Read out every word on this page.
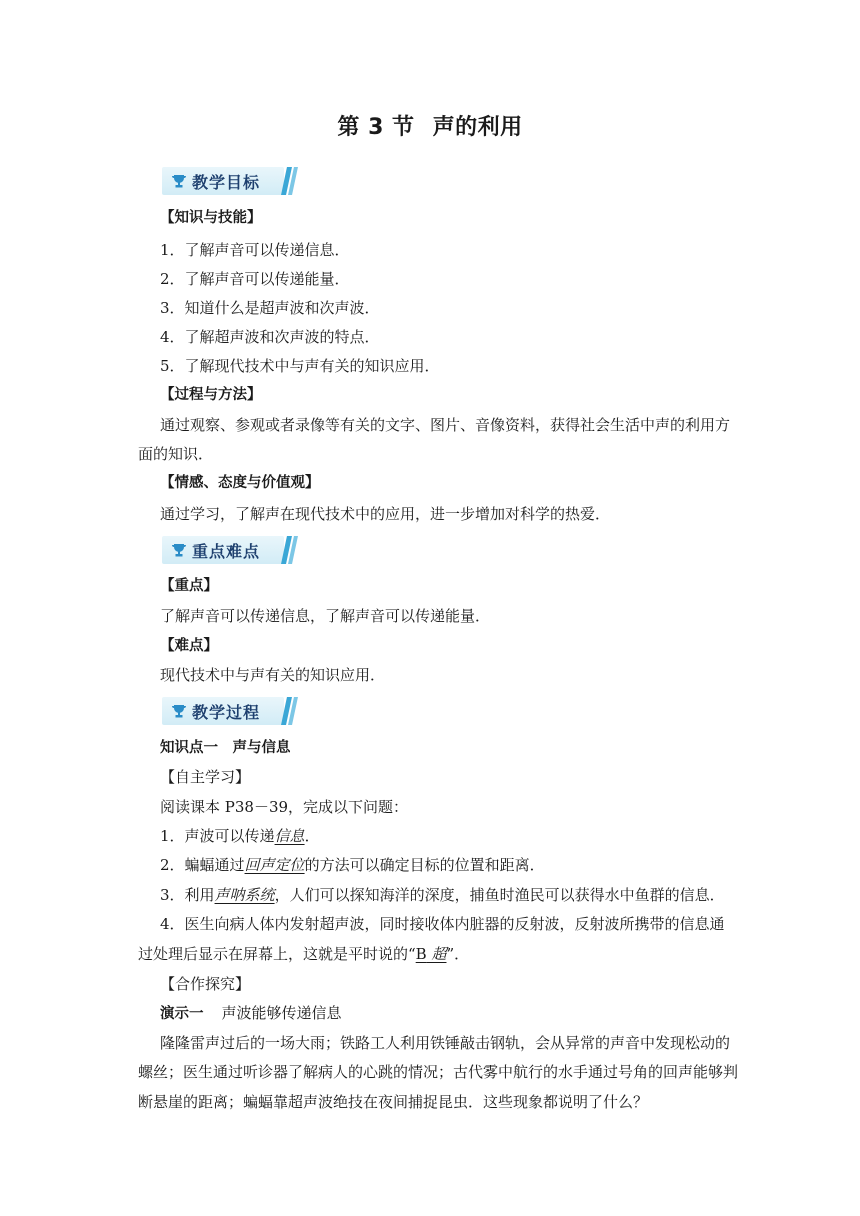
第 3 节 声的利用
教学目标
【知识与技能】
1．了解声音可以传递信息．
2．了解声音可以传递能量．
3．知道什么是超声波和次声波．
4．了解超声波和次声波的特点．
5．了解现代技术中与声有关的知识应用．
【过程与方法】
通过观察、参观或者录像等有关的文字、图片、音像资料，获得社会生活中声的利用方
面的知识．
【情感、态度与价值观】
通过学习，了解声在现代技术中的应用，进一步增加对科学的热爱．
重点难点
【重点】
了解声音可以传递信息，了解声音可以传递能量．
【难点】
现代技术中与声有关的知识应用．
教学过程
知识点一　声与信息
【自主学习】
阅读课本 P38－39，完成以下问题：
1．声波可以传递信息．
2．蝙蝠通过回声定位的方法可以确定目标的位置和距离．
3．利用声呐系统，人们可以探知海洋的深度，捕鱼时渔民可以获得水中鱼群的信息．
4．医生向病人体内发射超声波，同时接收体内脏器的反射波，反射波所携带的信息通
过处理后显示在屏幕上，这就是平时说的“B 超”．
【合作探究】
演示一 声波能够传递信息
隆隆雷声过后的一场大雨；铁路工人利用铁锤敲击钢轨，会从异常的声音中发现松动的
螺丝；医生通过听诊器了解病人的心跳的情况；古代雾中航行的水手通过号角的回声能够判
断悬崖的距离；蝙蝠靠超声波绝技在夜间捕捉昆虫．这些现象都说明了什么？
